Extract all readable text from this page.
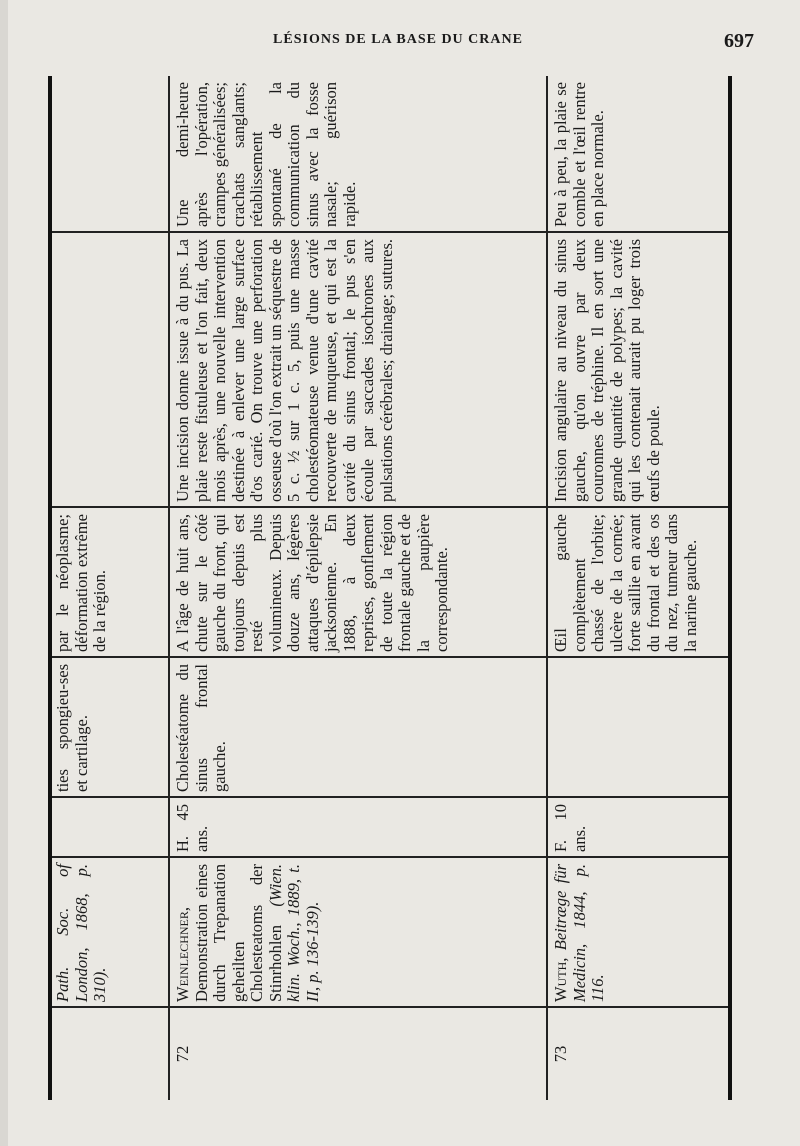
LÉSIONS DE LA BASE DU CRANE	697
Path. Soc. of London, 1868, p. 310).
ties spongieu-ses et cartilage.
par le néoplasme; déformation extrême de la région.
72
Weinlechner, Demonstration eines durch Trepanation geheilten Cholesteatoms der Stinrhohlen (Wien. klin. Woch., 1889, t. II, p. 136-139).
H. 45 ans.
Cholestéatome du sinus frontal gauche.
A l'âge de huit ans, chute sur le côté gauche du front, qui toujours depuis est resté plus volumineux. Depuis douze ans, légères attaques d'épilepsie jacksonienne. En 1888, à deux reprises, gonflement de toute la région frontale gauche et de la paupière correspondante.
Une incision donne issue à du pus. La plaie reste fistuleuse et l'on fait, deux mois après, une nouvelle intervention destinée à enlever une large surface d'os carié. On trouve une perforation osseuse d'où l'on extrait un séquestre de 5 c. ½ sur 1 c. 5, puis une masse cholestéomateuse venue d'une cavité recouverte de muqueuse, et qui est la cavité du sinus frontal; le pus s'en écoule par saccades isochrones aux pulsations cérébrales; drainage; sutures.
Une demi-heure après l'opération, crampes généralisées; crachats sanglants; rétablissement spontané de la communication du sinus avec la fosse nasale; guérison rapide.
73
Wuth, Beitræge für Medicin, 1844, p. 116.
F. 10 ans.
Œil gauche complètement chassé de l'orbite; ulcère de la cornée; forte saillie en avant du frontal et des os du nez, tumeur dans la narine gauche.
Incision angulaire au niveau du sinus gauche, qu'on ouvre par deux couronnes de tréphine. Il en sort une grande quantité de polypes; la cavité qui les contenait aurait pu loger trois œufs de poule.
Peu à peu, la plaie se comble et l'œil rentre en place normale.
